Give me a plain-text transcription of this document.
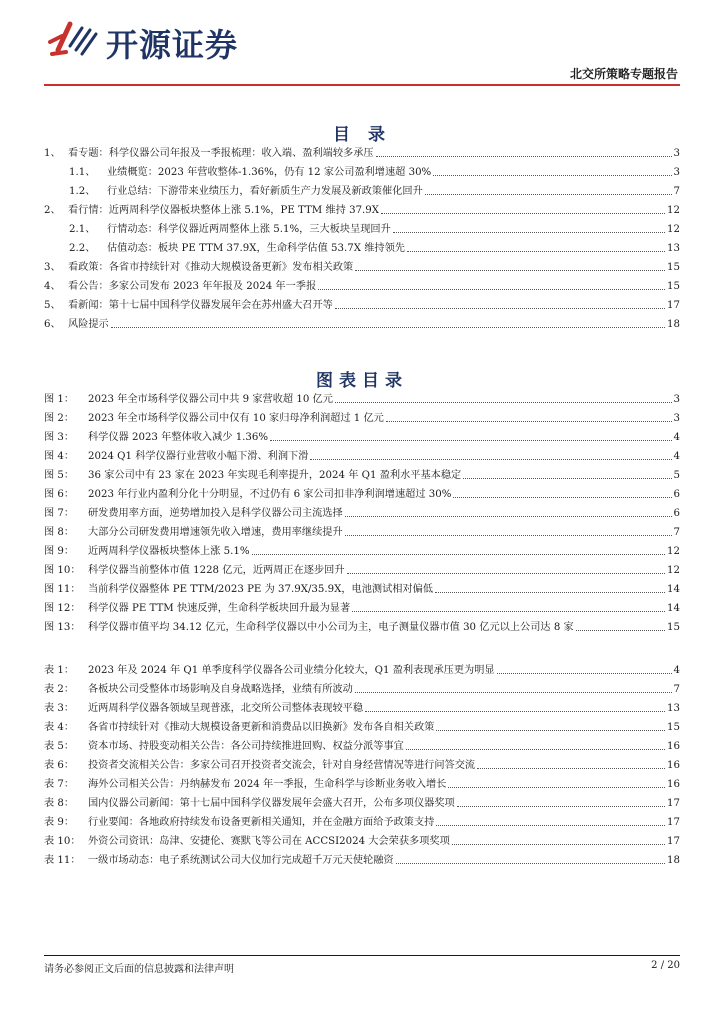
开源证券
北交所策略专题报告
目 录
1、 看专题：科学仪器公司年报及一季报梳理：收入端、盈利端较多承压	3
1.1、	业绩概览：2023 年营收整体-1.36%，仍有 12 家公司盈利增速超 30%	3
1.2、	行业总结：下游带来业绩压力，看好新质生产力发展及新政策催化回升	7
2、 看行情：近两周科学仪器板块整体上涨 5.1%，PE TTM 维持 37.9X	12
2.1、	行情动态：科学仪器近两周整体上涨 5.1%，三大板块呈现回升	12
2.2、	估值动态：板块 PE TTM 37.9X，生命科学估值 53.7X 维持领先	13
3、 看政策：各省市持续针对《推动大规模设备更新》发布相关政策	15
4、 看公告：多家公司发布 2023 年年报及 2024 年一季报	15
5、 看新闻：第十七届中国科学仪器发展年会在苏州盛大召开等	17
6、 风险提示	18
图表目录
图 1：	2023 年全市场科学仪器公司中共 9 家营收超 10 亿元	3
图 2：	2023 年全市场科学仪器公司中仅有 10 家归母净利润超过 1 亿元	3
图 3：	科学仪器 2023 年整体收入减少 1.36%	4
图 4：	2024 Q1 科学仪器行业营收小幅下滑、利润下滑	4
图 5：	36 家公司中有 23 家在 2023 年实现毛利率提升，2024 年 Q1 盈利水平基本稳定	5
图 6：	2023 年行业内盈利分化十分明显，不过仍有 6 家公司扣非净利润增速超过 30%	6
图 7：	研发费用率方面，逆势增加投入是科学仪器公司主流选择	6
图 8：	大部分公司研发费用增速领先收入增速，费用率继续提升	7
图 9：	近两周科学仪器板块整体上涨 5.1%	12
图 10： 科学仪器当前整体市值 1228 亿元，近两周正在逐步回升	12
图 11： 当前科学仪器整体 PE TTM/2023 PE 为 37.9X/35.9X，电池测试相对偏低	14
图 12： 科学仪器 PE TTM 快速反弹，生命科学板块回升最为显著	14
图 13： 科学仪器市值平均 34.12 亿元，生命科学仪器以中小公司为主，电子测量仪器市值 30 亿元以上公司达 8 家	15
表 1：	2023 年及 2024 年 Q1 单季度科学仪器各公司业绩分化较大，Q1 盈利表现承压更为明显	4
表 2：	各板块公司受整体市场影响及自身战略选择，业绩有所波动	7
表 3：	近两周科学仪器各领域呈现普涨，北交所公司整体表现较平稳	13
表 4：	各省市持续针对《推动大规模设备更新和消费品以旧换新》发布各自相关政策	15
表 5：	资本市场、持股变动相关公告：各公司持续推进回购、权益分派等事宜	16
表 6：	投资者交流相关公告：多家公司召开投资者交流会，针对自身经营情况等进行问答交流	16
表 7：	海外公司相关公告：丹纳赫发布 2024 年一季报，生命科学与诊断业务收入增长	16
表 8：	国内仪器公司新闻：第十七届中国科学仪器发展年会盛大召开，公布多项仪器奖项	17
表 9：	行业要闻：各地政府持续发布设备更新相关通知，并在金融方面给予政策支持	17
表 10： 外资公司资讯：岛津、安捷伦、赛默飞等公司在 ACCSI2024 大会荣获多项奖项	17
表 11： 一级市场动态：电子系统测试公司大仪加行完成超千万元天使轮融资	18
请务必参阅正文后面的信息披露和法律声明	2 / 20
